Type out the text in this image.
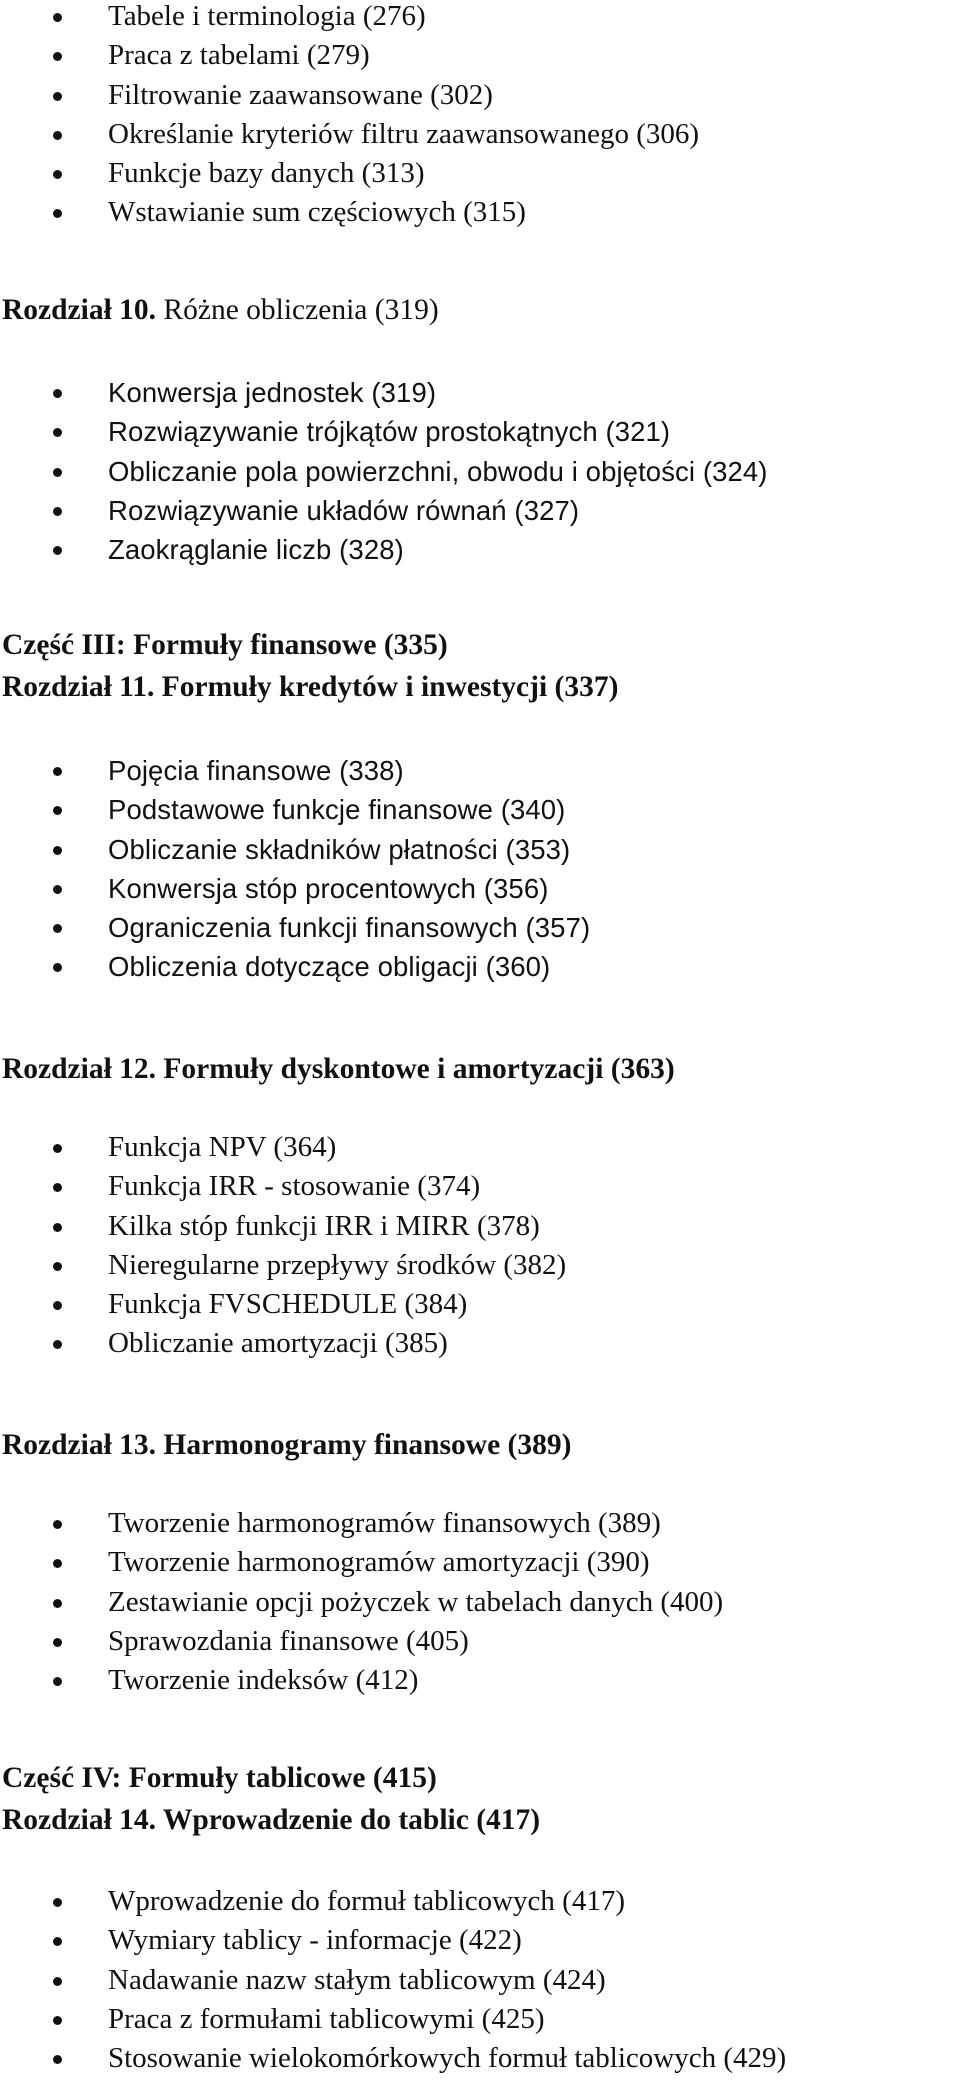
Tabele i terminologia (276)
Praca z tabelami (279)
Filtrowanie zaawansowane (302)
Określanie kryteriów filtru zaawansowanego (306)
Funkcje bazy danych (313)
Wstawianie sum częściowych (315)
Rozdział 10. Różne obliczenia (319)
Konwersja jednostek (319)
Rozwiązywanie trójkątów prostokątnych (321)
Obliczanie pola powierzchni, obwodu i objętości (324)
Rozwiązywanie układów równań (327)
Zaokrąglanie liczb (328)
Część III: Formuły finansowe (335)
Rozdział 11. Formuły kredytów i inwestycji (337)
Pojęcia finansowe (338)
Podstawowe funkcje finansowe (340)
Obliczanie składników płatności (353)
Konwersja stóp procentowych (356)
Ograniczenia funkcji finansowych (357)
Obliczenia dotyczące obligacji (360)
Rozdział 12. Formuły dyskontowe i amortyzacji (363)
Funkcja NPV (364)
Funkcja IRR - stosowanie (374)
Kilka stóp funkcji IRR i MIRR (378)
Nieregularne przepływy środków (382)
Funkcja FVSCHEDULE (384)
Obliczanie amortyzacji (385)
Rozdział 13. Harmonogramy finansowe (389)
Tworzenie harmonogramów finansowych (389)
Tworzenie harmonogramów amortyzacji (390)
Zestawianie opcji pożyczek w tabelach danych (400)
Sprawozdania finansowe (405)
Tworzenie indeksów (412)
Część IV: Formuły tablicowe (415)
Rozdział 14. Wprowadzenie do tablic (417)
Wprowadzenie do formuł tablicowych (417)
Wymiary tablicy - informacje (422)
Nadawanie nazw stałym tablicowym (424)
Praca z formułami tablicowymi (425)
Stosowanie wielokomórkowych formuł tablicowych (429)
